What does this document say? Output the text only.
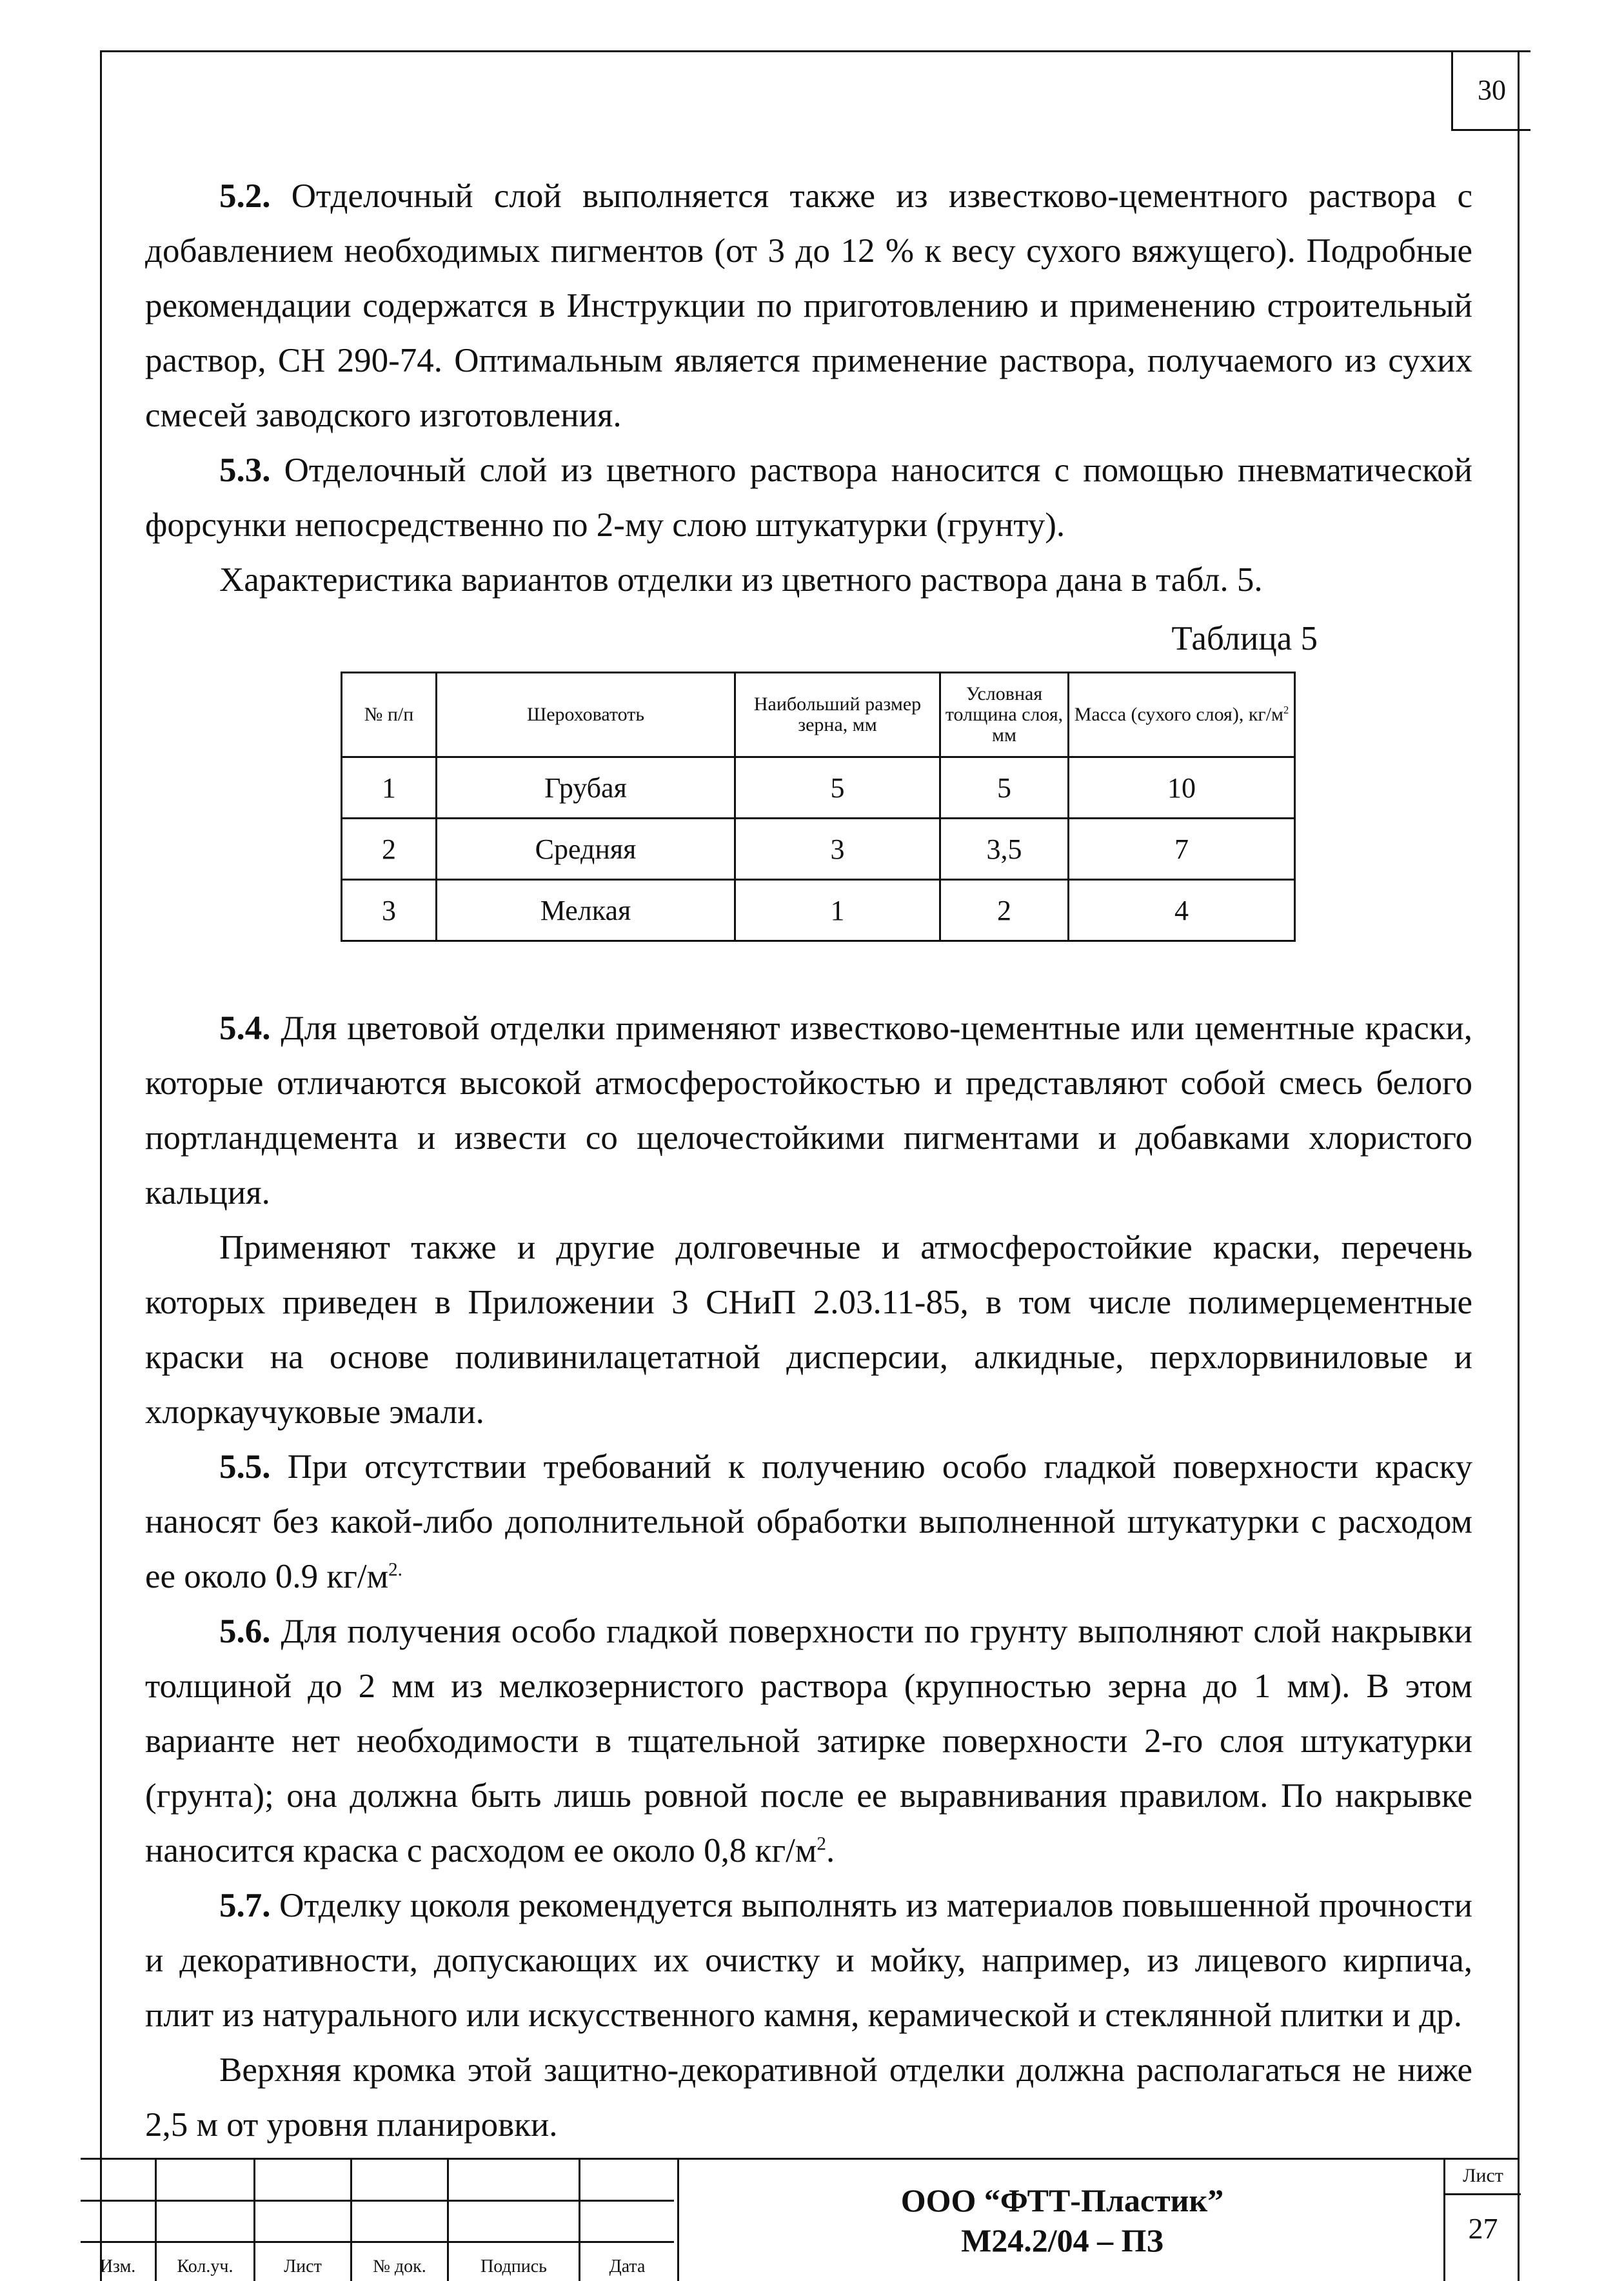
30

5.2. Отделочный слой выполняется также из известково-цементного раствора с добавлением необходимых пигментов (от 3 до 12 % к весу сухого вяжущего). Подробные рекомендации содержатся в Инструкции по приготовлению и применению строительный раствор, СН 290-74. Оптимальным является применение раствора, получаемого из сухих смесей заводского изготовления.

5.3. Отделочный слой из цветного раствора наносится с помощью пневматической форсунки непосредственно по 2-му слою штукатурки (грунту).

Характеристика вариантов отделки из цветного раствора дана в табл. 5.

Таблица 5
№ п/п	Шероховатоть	Наибольший размер зерна, мм	Условная толщина слоя, мм	Масса (сухого слоя), $кг/м^2$
1	Грубая	5	5	10
2	Средняя	3	3,5	7
3	Мелкая	1	2	4

5.4. Для цветовой отделки применяют известково-цементные или цементные краски, которые отличаются высокой атмосферостойкостью и представляют собой смесь белого портландцемента и извести со щелочестойкими пигментами и добавками хлористого кальция.

Применяют также и другие долговечные и атмосферостойкие краски, перечень которых приведен в Приложении 3 СНиП 2.03.11-85, в том числе полимерцементные краски на основе поливинилацетатной дисперсии, алкидные, перхлорвиниловые и хлоркаучуковые эмали.

5.5. При отсутствии требований к получению особо гладкой поверхности краску наносят без какой-либо дополнительной обработки выполненной штукатурки с расходом ее около 0.9 $кг/м^{2.}$

5.6. Для получения особо гладкой поверхности по грунту выполняют слой накрывки толщиной до 2 мм из мелкозернистого раствора (крупностью зерна до 1 мм). В этом варианте нет необходимости в тщательной затирке поверхности 2-го слоя штукатурки (грунта); она должна быть лишь ровной после ее выравнивания правилом. По накрывке наносится краска с расходом ее около 0,8 $кг/м^2$.

5.7. Отделку цоколя рекомендуется выполнять из материалов повышенной прочности и декоративности, допускающих их очистку и мойку, например, из лицевого кирпича, плит из натурального или искусственного камня, керамической и стеклянной плитки и др.

Верхняя кромка этой защитно-декоративной отделки должна располагаться не ниже 2,5 м от уровня планировки.

Изм.	Кол.уч.	Лист	№ док.	Подпись	Дата
ООО “ФТТ-Пластик”
М24.2/04 – ПЗ
Лист
27
